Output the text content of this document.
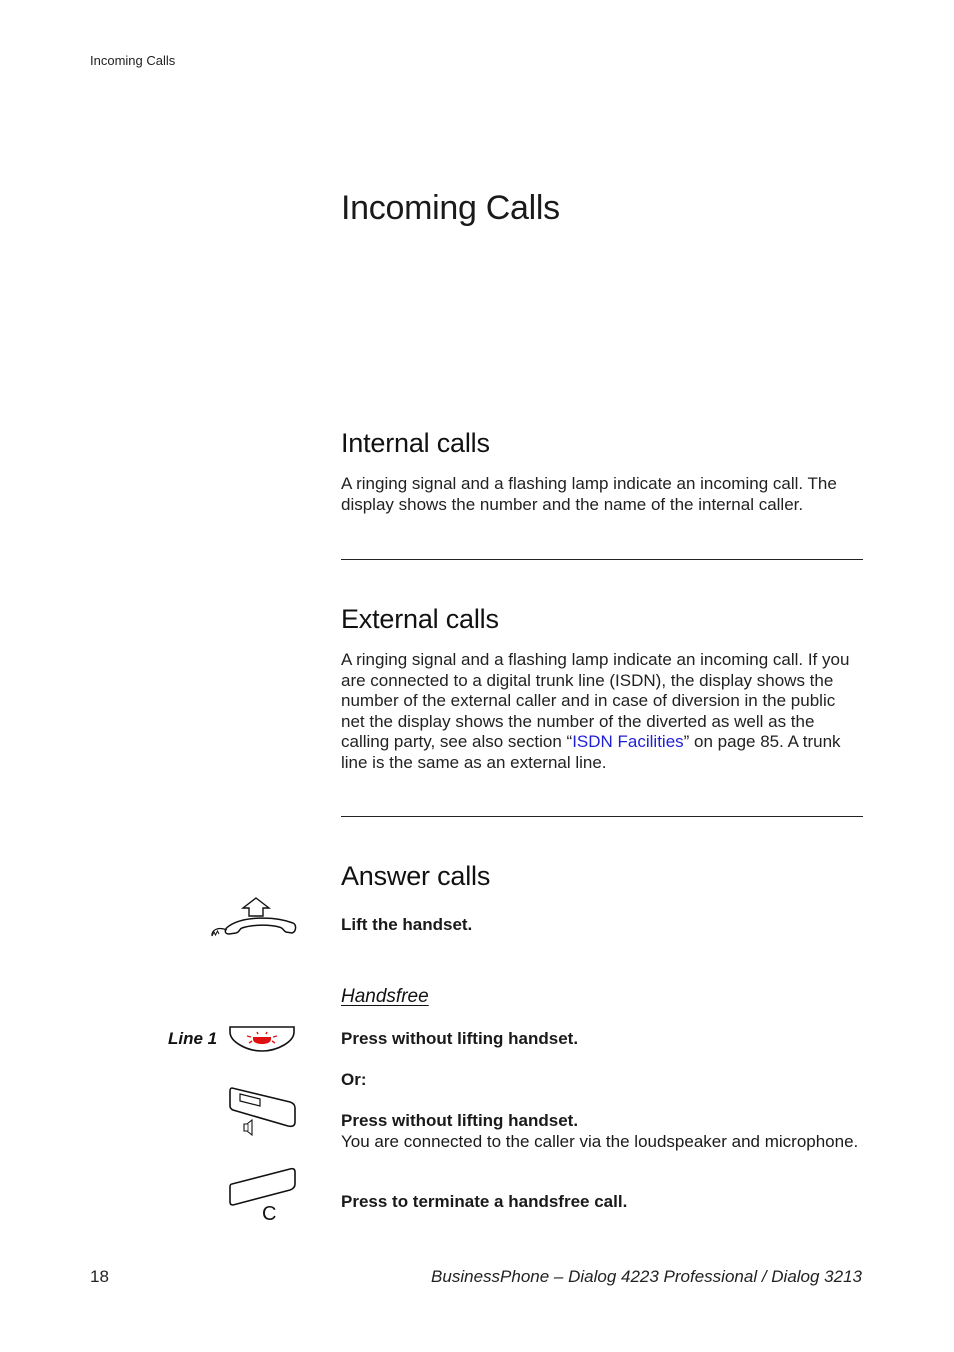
Incoming Calls
Incoming Calls
Internal calls

A ringing signal and a flashing lamp indicate an incoming call. The display shows the number and the name of the internal caller.

External calls

A ringing signal and a flashing lamp indicate an incoming call. If you are connected to a digital trunk line (ISDN), the display shows the number of the external caller and in case of diversion in the public net the display shows the number of the diverted as well as the calling party, see also section “ISDN Facilities” on page 85. A trunk line is the same as an external line.

Answer calls
Lift the handset.
Handsfree
Line 1	Press without lifting handset.
Or:
Press without lifting handset.
You are connected to the caller via the loudspeaker and microphone.
C
Press to terminate a handsfree call.
18	BusinessPhone – Dialog 4223 Professional / Dialog 3213
